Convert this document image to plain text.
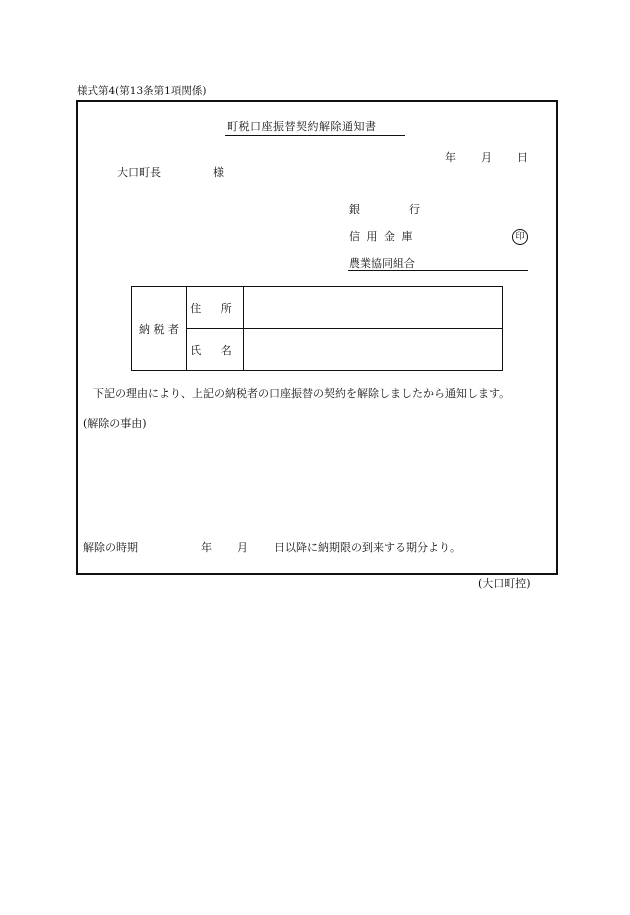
様式第4(第13条第1項関係)
町税口座振替契約解除通知書
年 月 日
大口町長	様
銀	行
信 用 金 庫	印
農業協同組合
納 税 者	住 所	
	氏 名	
下記の理由により、上記の納税者の口座振替の契約を解除しましたから通知します。
(解除の事由)
解除の時期	年 月 日以降に納期限の到来する期分より。
(大口町控)
